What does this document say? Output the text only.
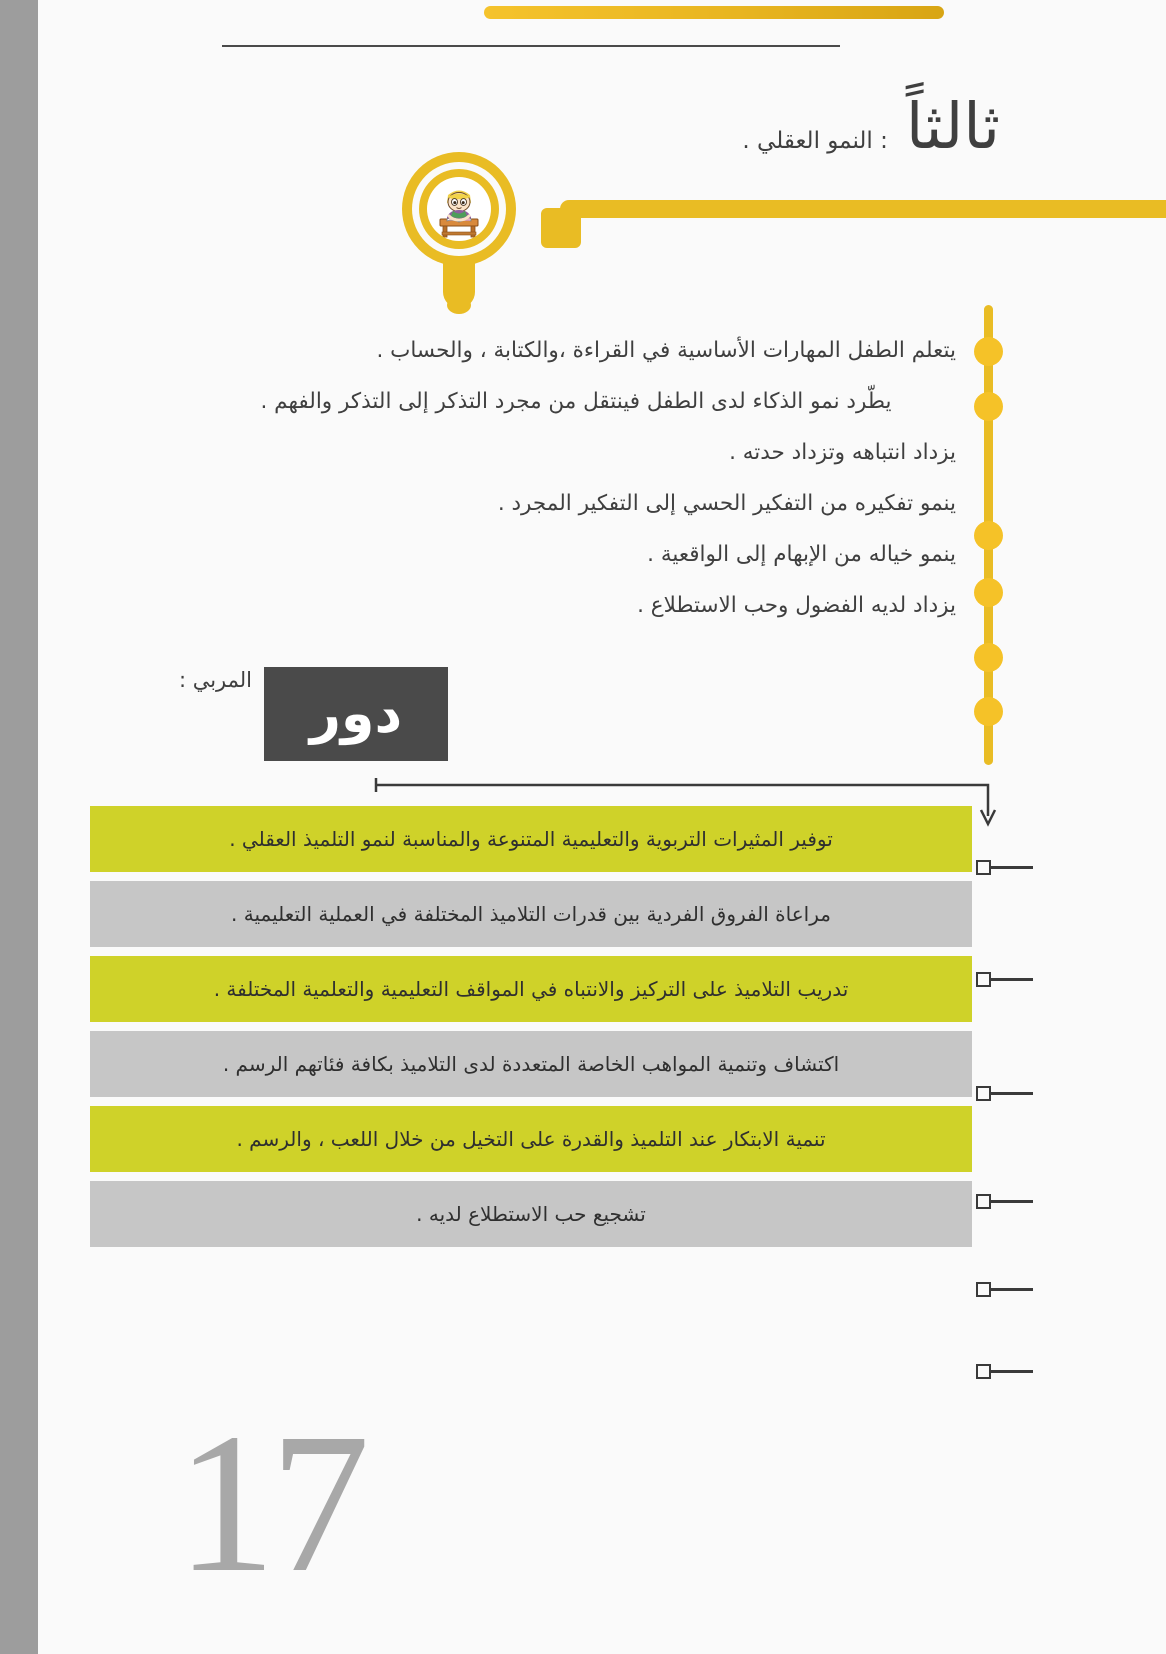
ثالثاً
: النمو العقلي .
يتعلم الطفل المهارات الأساسية في القراءة ،والكتابة ، والحساب .
يطّرد نمو الذكاء لدى الطفل فينتقل من مجرد التذكر إلى التذكر والفهم .
يزداد انتباهه وتزداد حدته .
ينمو تفكيره من التفكير الحسي إلى التفكير المجرد .
ينمو خياله من الإبهام إلى الواقعية .
يزداد لديه الفضول وحب الاستطلاع .
المربي :
دور
توفير المثيرات التربوية والتعليمية المتنوعة والمناسبة لنمو التلميذ العقلي .
مراعاة الفروق الفردية بين قدرات التلاميذ المختلفة في العملية التعليمية .
تدريب التلاميذ على التركيز والانتباه في المواقف التعليمية والتعلمية المختلفة .
اكتشاف وتنمية المواهب الخاصة المتعددة لدى التلاميذ بكافة فئاتهم الرسم .
تنمية الابتكار عند التلميذ والقدرة على التخيل من خلال اللعب ، والرسم .
تشجيع حب الاستطلاع لديه .
17
